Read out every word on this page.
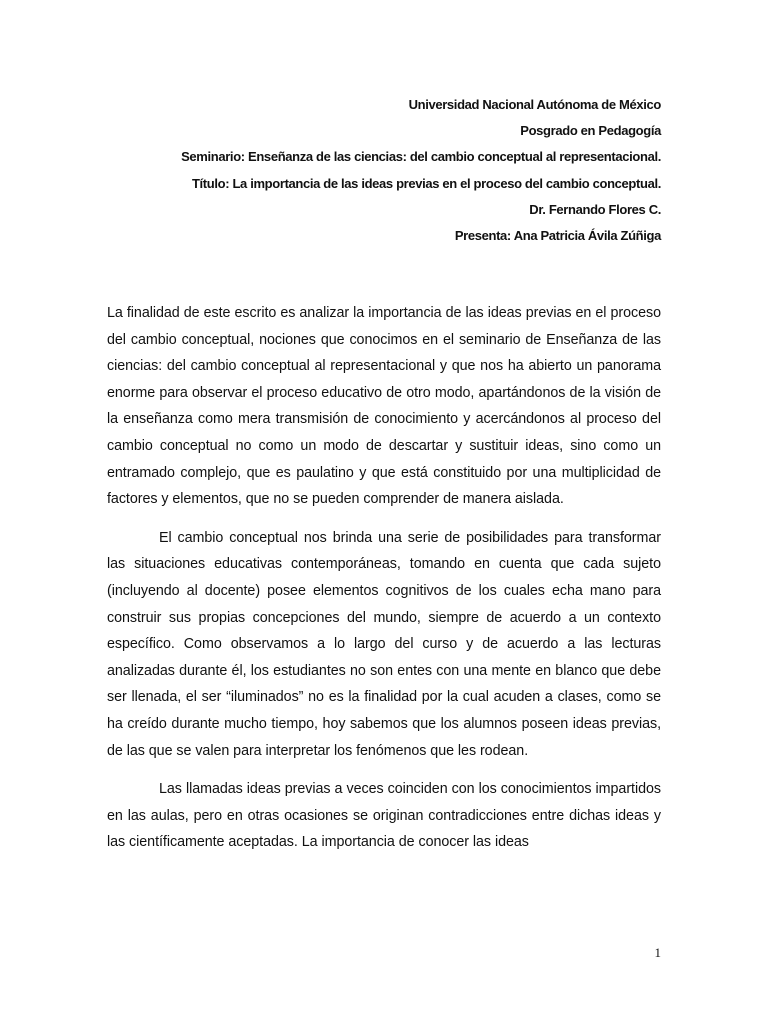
Universidad Nacional Autónoma de México
Posgrado en Pedagogía
Seminario: Enseñanza de las ciencias: del cambio conceptual al representacional.
Título: La importancia de las ideas previas en el proceso del cambio conceptual.
Dr. Fernando Flores C.
Presenta: Ana Patricia Ávila Zúñiga

La finalidad de este escrito es analizar la importancia de las ideas previas en el proceso del cambio conceptual, nociones que conocimos en el seminario de Enseñanza de las ciencias: del cambio conceptual al representacional y que nos ha abierto un panorama enorme para observar el proceso educativo de otro modo, apartándonos de la visión de la enseñanza como mera transmisión de conocimiento y acercándonos al proceso del cambio conceptual no como un modo de descartar y sustituir ideas, sino como un entramado complejo, que es paulatino y que está constituido por una multiplicidad de factores y elementos, que no se pueden comprender de manera aislada.

El cambio conceptual nos brinda una serie de posibilidades para transformar las situaciones educativas contemporáneas, tomando en cuenta que cada sujeto (incluyendo al docente) posee elementos cognitivos de los cuales echa mano para construir sus propias concepciones del mundo, siempre de acuerdo a un contexto específico. Como observamos a lo largo del curso y de acuerdo a las lecturas analizadas durante él, los estudiantes no son entes con una mente en blanco que debe ser llenada, el ser “iluminados” no es la finalidad por la cual acuden a clases, como se ha creído durante mucho tiempo, hoy sabemos que los alumnos poseen ideas previas, de las que se valen para interpretar los fenómenos que les rodean.

Las llamadas ideas previas a veces coinciden con los conocimientos impartidos en las aulas, pero en otras ocasiones se originan contradicciones entre dichas ideas y las científicamente aceptadas. La importancia de conocer las ideas

1
